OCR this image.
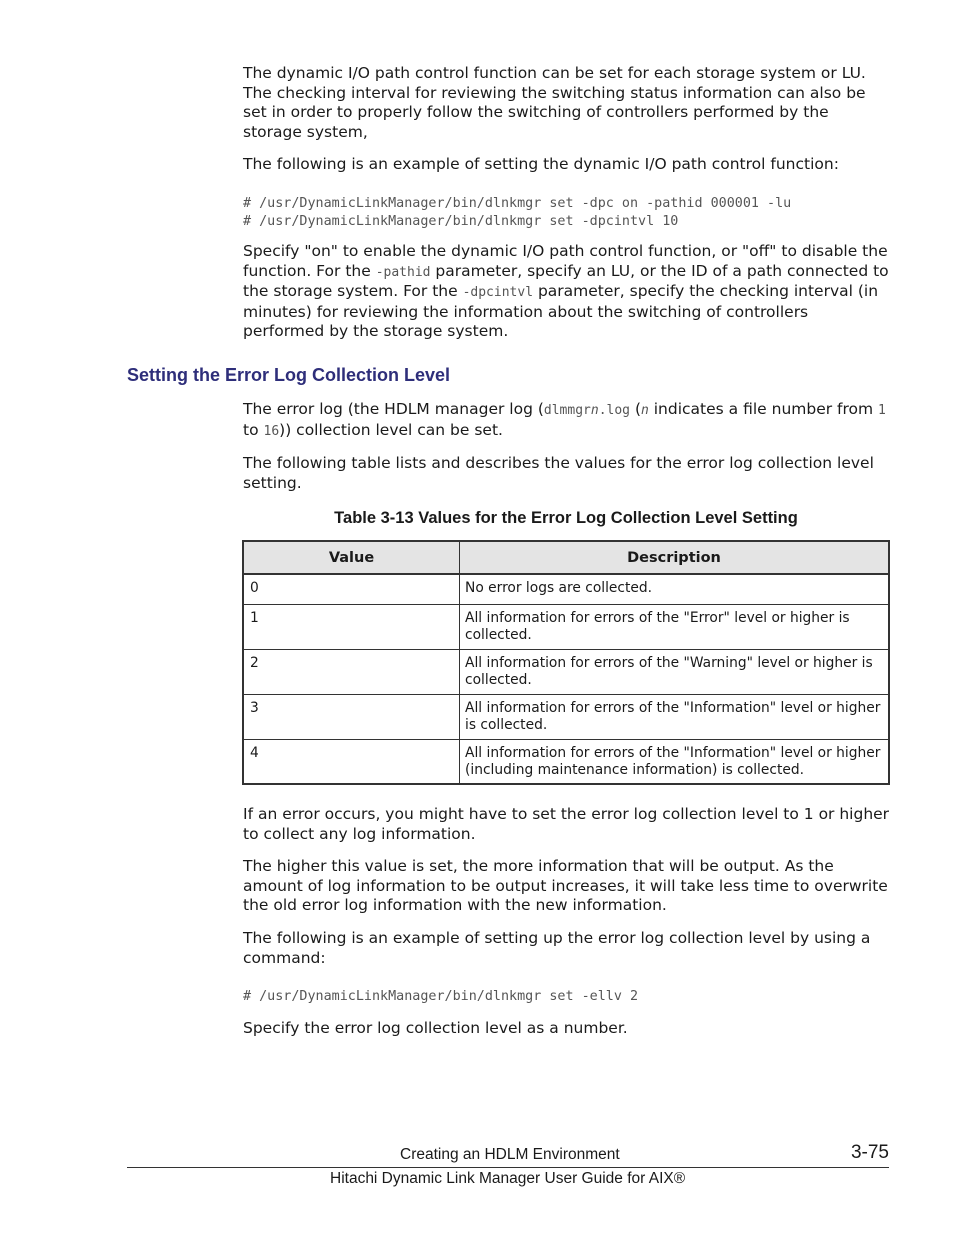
The dynamic I/O path control function can be set for each storage system or LU. The checking interval for reviewing the switching status information can also be set in order to properly follow the switching of controllers performed by the storage system,

The following is an example of setting the dynamic I/O path control function:

# /usr/DynamicLinkManager/bin/dlnkmgr set -dpc on -pathid 000001 -lu
# /usr/DynamicLinkManager/bin/dlnkmgr set -dpcintvl 10

Specify "on" to enable the dynamic I/O path control function, or "off" to disable the function. For the -pathid parameter, specify an LU, or the ID of a path connected to the storage system. For the -dpcintvl parameter, specify the checking interval (in minutes) for reviewing the information about the switching of controllers performed by the storage system.

Setting the Error Log Collection Level

The error log (the HDLM manager log (dlmmgrn.log (n indicates a file number from 1 to 16)) collection level can be set.

The following table lists and describes the values for the error log collection level setting.

Table 3-13 Values for the Error Log Collection Level Setting
Value	Description
0	No error logs are collected.
1	All information for errors of the "Error" level or higher is collected.
2	All information for errors of the "Warning" level or higher is collected.
3	All information for errors of the "Information" level or higher is collected.
4	All information for errors of the "Information" level or higher (including maintenance information) is collected.

If an error occurs, you might have to set the error log collection level to 1 or higher to collect any log information.

The higher this value is set, the more information that will be output. As the amount of log information to be output increases, it will take less time to overwrite the old error log information with the new information.

The following is an example of setting up the error log collection level by using a command:

# /usr/DynamicLinkManager/bin/dlnkmgr set -ellv 2

Specify the error log collection level as a number.

Creating an HDLM Environment	3-75
Hitachi Dynamic Link Manager User Guide for AIX®
